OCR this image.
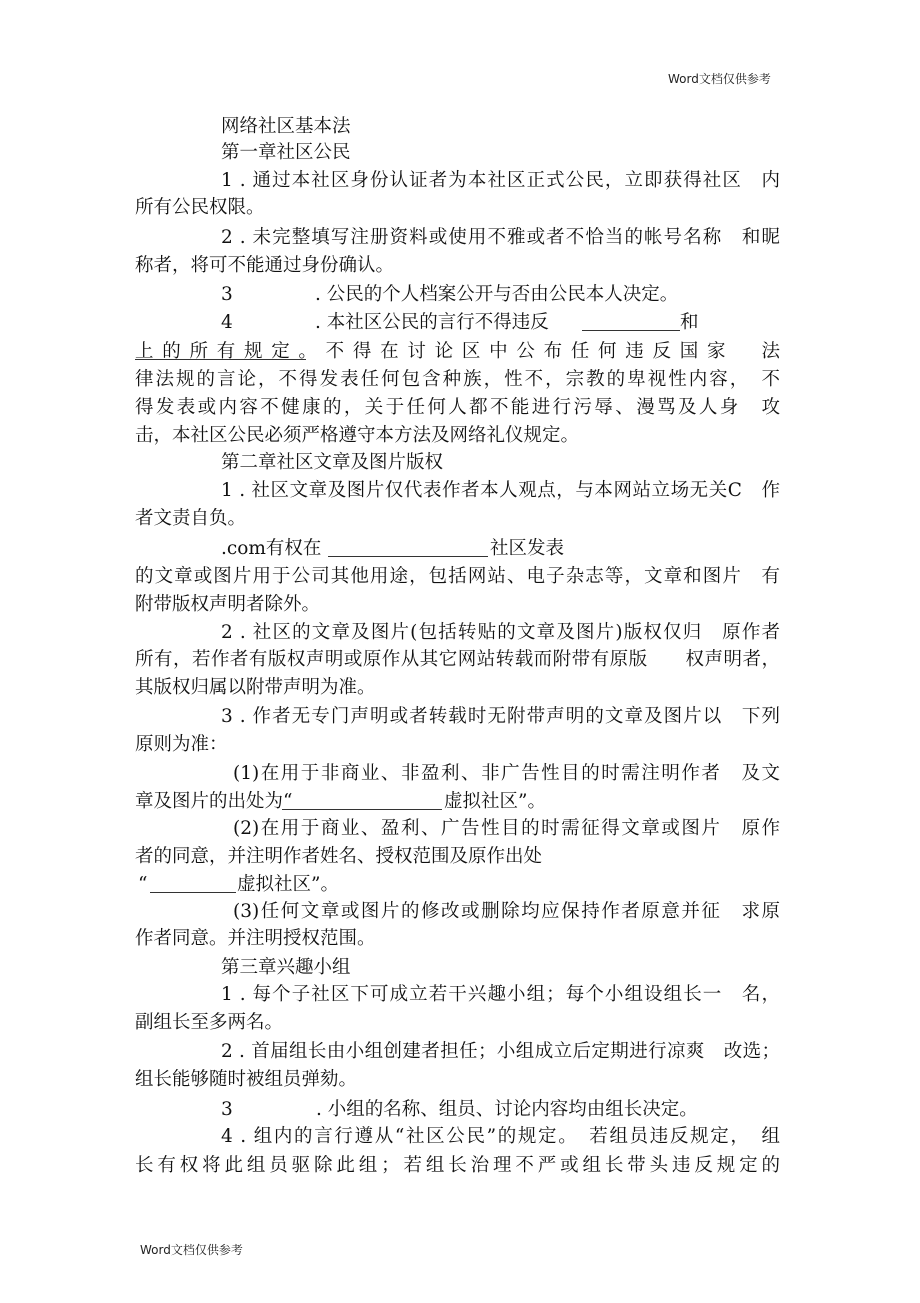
Word文档仅供参考
网络社区基本法
第一章社区公民
1 . 通过本社区身份认证者为本社区正式公民，立即获得社区　内
所有公民权限。
2 . 未完整填写注册资料或使用不雅或者不恰当的帐号名称　和昵
称者，将可不能通过身份确认。
3	. 公民的个人档案公开与否由公民本人决定。
4	. 本社区公民的言行不得违反	和
上的所有规定。不得在讨论区中公布任何违反国家　法
律法规的言论，不得发表任何包含种族，性不，宗教的卑视性内容，　不
得发表或内容不健康的，关于任何人都不能进行污辱、漫骂及人身　攻
击，本社区公民必须严格遵守本方法及网络礼仪规定。
第二章社区文章及图片版权
1 . 社区文章及图片仅代表作者本人观点，与本网站立场无关C　作
者文责自负。
.com有权在	社区发表
的文章或图片用于公司其他用途，包括网站、电子杂志等，文章和图片　有
附带版权声明者除外。
2 . 社区的文章及图片(包括转贴的文章及图片)版权仅归　原作者
所有，若作者有版权声明或原作从其它网站转载而附带有原版　　权声明者，
其版权归属以附带声明为准。
3 . 作者无专门声明或者转载时无附带声明的文章及图片以　下列
原则为准：
(1)在用于非商业、非盈利、非广告性目的时需注明作者　及文
章及图片的出处为“	虚拟社区”。
(2)在用于商业、盈利、广告性目的时需征得文章或图片　原作
者的同意，并注明作者姓名、授权范围及原作出处
“	虚拟社区”。
(3)任何文章或图片的修改或删除均应保持作者原意并征　求原
作者同意。并注明授权范围。
第三章兴趣小组
1 . 每个子社区下可成立若干兴趣小组；每个小组设组长一　名，
副组长至多两名。
2 . 首届组长由小组创建者担任；小组成立后定期进行凉爽　改选；
组长能够随时被组员弹劾。
3	. 小组的名称、组员、讨论内容均由组长决定。
4 . 组内的言行遵从“社区公民”的规定。　若组员违反规定，　组
长有权将此组员驱除此组；若组长治理不严或组长带头违反规定的
Word文档仅供参考
